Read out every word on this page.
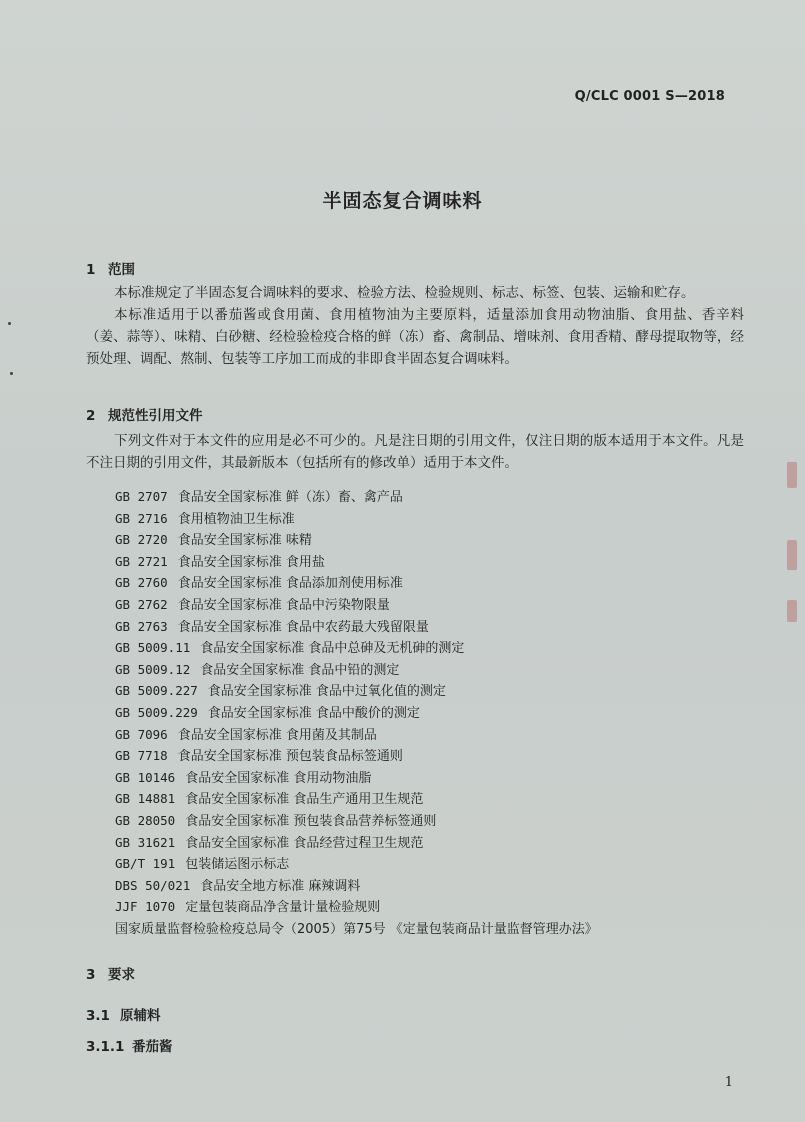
Q/CLC 0001 S—2018
半固态复合调味料
1 范围

本标准规定了半固态复合调味料的要求、检验方法、检验规则、标志、标签、包装、运输和贮存。

本标准适用于以番茄酱或食用菌、食用植物油为主要原料，适量添加食用动物油脂、食用盐、香辛料（姜、蒜等）、味精、白砂糖、经检验检疫合格的鲜（冻）畜、禽制品、增味剂、食用香精、酵母提取物等，经预处理、调配、熬制、包装等工序加工而成的非即食半固态复合调味料。

2 规范性引用文件

下列文件对于本文件的应用是必不可少的。凡是注日期的引用文件，仅注日期的版本适用于本文件。凡是不注日期的引用文件，其最新版本（包括所有的修改单）适用于本文件。

GB 2707 食品安全国家标准 鲜（冻）畜、禽产品
GB 2716 食用植物油卫生标准
GB 2720 食品安全国家标准 味精
GB 2721 食品安全国家标准 食用盐
GB 2760 食品安全国家标准 食品添加剂使用标准
GB 2762 食品安全国家标准 食品中污染物限量
GB 2763 食品安全国家标准 食品中农药最大残留限量
GB 5009.11 食品安全国家标准 食品中总砷及无机砷的测定
GB 5009.12 食品安全国家标准 食品中铅的测定
GB 5009.227 食品安全国家标准 食品中过氧化值的测定
GB 5009.229 食品安全国家标准 食品中酸价的测定
GB 7096 食品安全国家标准 食用菌及其制品
GB 7718 食品安全国家标准 预包装食品标签通则
GB 10146 食品安全国家标准 食用动物油脂
GB 14881 食品安全国家标准 食品生产通用卫生规范
GB 28050 食品安全国家标准 预包装食品营养标签通则
GB 31621 食品安全国家标准 食品经营过程卫生规范
GB/T 191 包装储运图示标志
DBS 50/021 食品安全地方标准 麻辣调料
JJF 1070 定量包装商品净含量计量检验规则
国家质量监督检验检疫总局令（2005）第75号 《定量包装商品计量监督管理办法》
3 要求
3.1 原辅料
3.1.1 番茄酱
1
